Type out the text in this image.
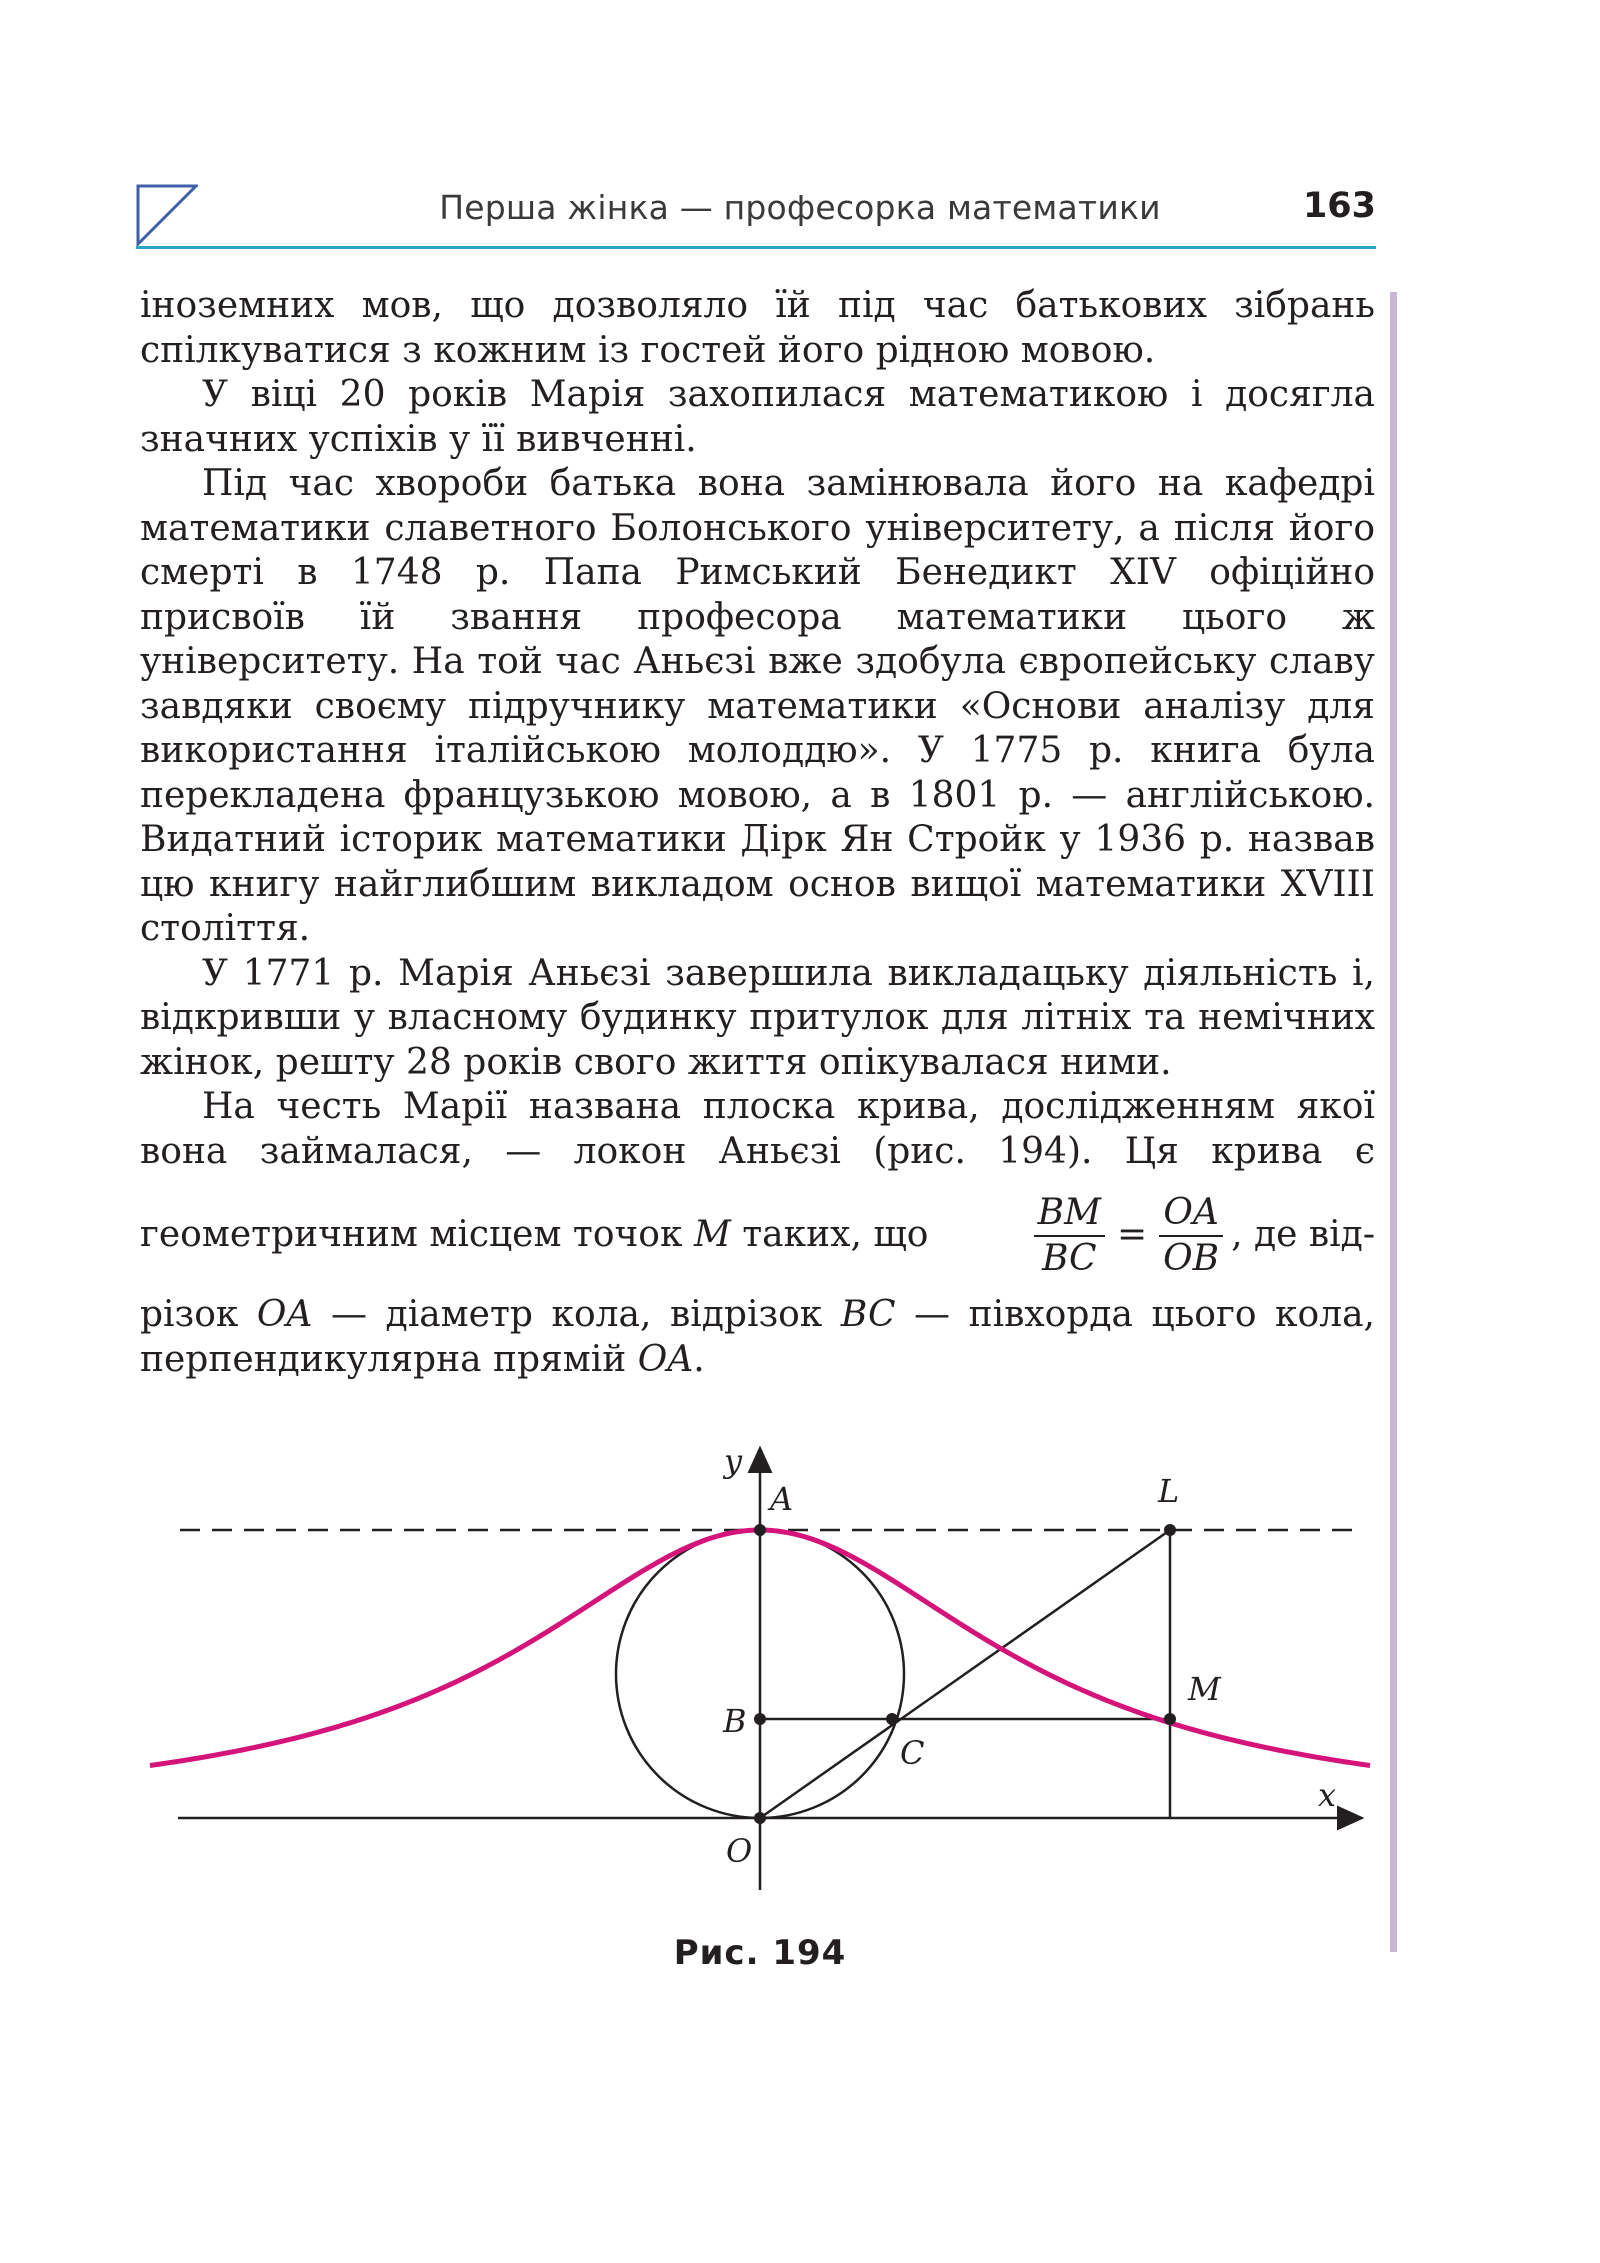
Перша жінка — професорка математики	163

іноземних мов, що дозволяло їй під час батькових зібрань спілкуватися з кожним із гостей його рідною мовою.

У віці 20 років Марія захопилася математикою і досягла значних успіхів у її вивченні.

Під час хвороби батька вона замінювала його на кафедрі математики славетного Болонського університету, а після його смерті в 1748 р. Папа Римський Бенедикт XIV офіційно присвоїв їй звання професора математики цього ж університету. На той час Аньєзі вже здобула європейську славу завдяки своєму підручнику математики «Основи аналізу для використання італійською молоддю». У 1775 р. книга була перекладена французькою мовою, а в 1801 р. — англійською. Видатний історик математики Дірк Ян Стройк у 1936 р. назвав цю книгу найглибшим викладом основ вищої математики XVIII століття.

У 1771 р. Марія Аньєзі завершила викладацьку діяльність і, відкривши у власному будинку притулок для літніх та немічних жінок, решту 28 років свого життя опікувалася ними.

На честь Марії названа плоска крива, дослідженням якої вона займалася, — локон Аньєзі (рис. 194). Ця крива є

геометричним місцем точок M таких, що	$\frac{BM}{BC} = \frac{OA}{OB}$ , де від-

різок OA — діаметр кола, відрізок BC — півхорда цього кола, перпендикулярна прямій OA.

y
A	L
B
C
M
x
O
Рис. 194
